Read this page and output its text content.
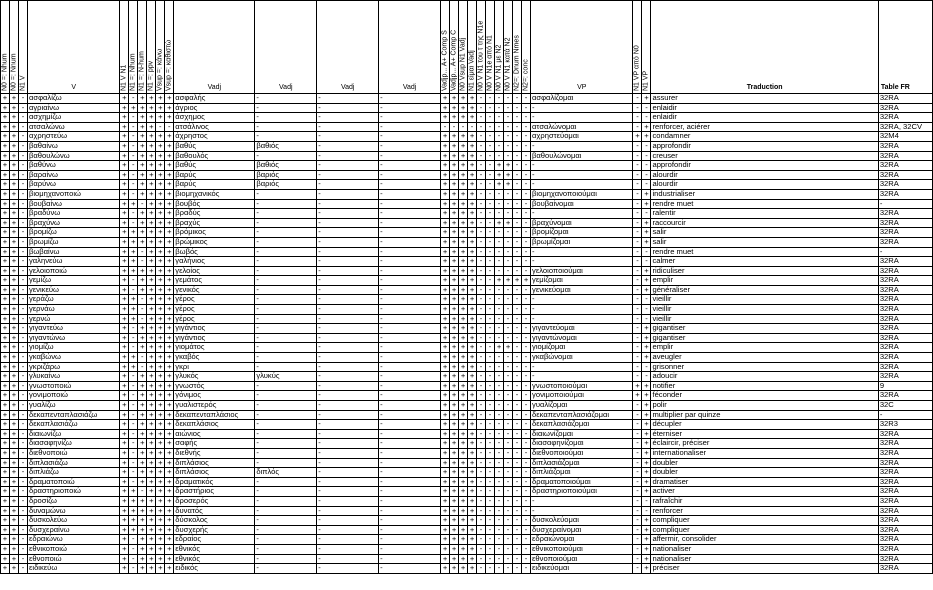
N0 =: Nhum	N0 =: Nnum	N1 V	V	N1 V N1	N1 =: Nhum	N1 =: N-hum	N1 =: ppv	Vsup =: κάνω	Vsup =: καθιστώ	Vadj	Vadj	Vadj	Vadj	Vadjp... A+ Comp S	Vadjp... A+ Comp C	N0 Vsup N1 Vadj	N1 είμαι Vadj	N0 V N1 του τ της N1e	N0 V N1e από N1	N0 V N1 με N2	N0 V N1 κατά N2	N2=: Dnum Nmes	N2=: conc	VP	N1 VP από N0	N1 VP	Traduction	Table FR
+	+	-	ασφαλίζω	+	-	+	+	+	+	ασφαλής	-	-	-	+	+	+	+	-	-	-	-	-	-	ασφαλίζομαι	-	+	assurer	32RA
+	+	-	αγριαίνω	+	+	+	+	+	+	άγριος	-	-	-	+	+	+	+	-	-	-	-	-	-	-	-	-	enlaidir	32RA
+	+	-	ασχημίζω	+	-	+	+	+	+	άσχημος	-	-	-	+	+	+	+	-	-	-	-	-	-	-	-	-	enlaidir	32RA
+	+	-	ατσαλώνω	+	-	+	+	-	-	ατσάλινος	-	-	-	-	-	-	-	-	-	-	-	-	-	ατσαλώνομαι	-	+	renforcer, aciérer	32RA, 32CV
+	+	-	αχρηστεύω	+	-	+	+	+	+	άχρηστος	-	-	-	+	+	+	+	-	-	-	-	-	-	αχρηστεύομαι	+	+	condamner	32M4
+	+	-	βαθαίνω	+	-	+	+	+	+	βαθύς	βαθιός	-	-	+	+	+	+	-	-	-	-	-	-	-	-	-	approfondir	32RA
+	+	-	βαθουλώνω	+	-	+	+	+	+	βαθουλός	-	-	-	+	+	+	+	-	-	-	-	-	-	βαθουλώνομαι	-	-	creuser	32RA
+	+	-	βαθύνω	+	-	+	+	+	+	βαθύς	βαθιός	-	-	+	+	+	+	-	-	+	+	-	-	-	-	-	approfondir	32RA
+	+	-	βαραίνω	+	-	+	+	+	+	βαρύς	βαριός	-	-	+	+	+	+	-	-	+	+	-	-	-	-	-	alourdir	32RA
+	+	-	βαρύνω	+	-	+	+	+	+	βαρύς	βαριός	-	-	+	+	+	+	-	-	+	+	-	-	-	-	-	alourdir	32RA
+	+	-	βιομηχανοποιώ	+	-	+	+	+	+	βιομηχανικός	-	-	-	+	+	+	+	-	-	-	-	-	-	βιομηχανοποιούμαι	-	+	industrialiser	32RA
+	+	-	βουβαίνω	+	+	-	+	+	+	βουβός	-	-	-	+	+	+	+	-	-	-	-	-	-	βουβαίνομαι	-	+	rendre muet	-
+	+	-	βραδύνω	+	-	+	+	+	+	βραδύς	-	-	-	+	+	+	+	-	-	-	-	-	-	-	-	-	ralentir	32RA
+	+	-	βραχύνω	+	-	+	+	+	+	βραχύς	-	-	-	+	+	+	+	-	-	+	+	-	-	βραχύνομαι	-	+	raccourcir	32RA
+	+	-	βρομίζω	+	+	+	+	+	+	βρόμικος	-	-	-	+	+	+	+	-	-	-	-	-	-	βρομίζομαι	-	+	salir	32RA
+	+	-	βρωμίζω	+	+	+	+	+	+	βρώμικος	-	-	-	+	+	+	+	-	-	-	-	-	-	βρωμίζομαι	-	+	salir	32RA
+	+	-	βωβαίνω	+	+	-	+	+	+	βωβός	-	-	-	+	+	+	+	-	-	-	-	-	-	-	-	-	rendre muet	-
+	+	-	γαληνεύω	+	+	-	+	+	+	γαλήνιος	-	-	-	+	+	+	+	-	-	-	-	-	-	-	-	-	calmer	32RA
+	+	-	γελοιοποιώ	+	+	+	+	+	+	γελοίος	-	-	-	+	+	+	+	-	-	-	-	-	-	γελοιοποιούμαι	-	+	ridiculiser	32RA
+	+	-	γεμίζω	+	-	+	+	+	+	γεμάτος	-	-	-	+	+	+	+	-	-	+	+	+	+	γεμίζομαι	-	+	emplir	32RA
+	+	-	γενικεύω	+	-	+	+	+	+	γενικός	-	-	-	+	+	+	+	-	-	-	-	-	-	γενικεύομαι	-	+	généraliser	32RA
+	+	-	γεράζω	+	+	-	+	+	+	γέρος	-	-	-	+	+	+	+	-	-	-	-	-	-	-	-	-	vieillir	32RA
+	+	-	γερνάω	+	+	-	+	+	+	γέρος	-	-	-	+	+	+	+	-	-	-	-	-	-	-	-	-	vieillir	32RA
+	+	-	γερνώ	+	+	-	+	+	+	γέρος	-	-	-	+	+	+	+	-	-	-	-	-	-	-	-	-	vieillir	32RA
+	+	-	γιγαντεύω	+	-	+	+	+	+	γιγάντιος	-	-	-	+	+	+	+	-	-	-	-	-	-	γιγαντεύομαι	-	+	gigantiser	32RA
+	+	-	γιγαντώνω	+	-	+	+	+	+	γιγάντιος	-	-	-	+	+	+	+	-	-	-	-	-	-	γιγαντώνομαι	-	+	gigantiser	32RA
+	+	-	γιομίζω	+	-	+	+	+	+	γιομάτος	-	-	-	+	+	+	+	-	-	+	+	-	-	γιομίζομαι	-	+	emplir	32RA
+	+	-	γκαβώνω	+	+	-	+	+	+	γκαβός	-	-	-	+	+	+	+	-	-	-	-	-	-	γκαβώνομαι	-	+	aveugler	32RA
+	+	-	γκριζάρω	+	+	-	+	+	+	γκρι	-	-	-	+	+	+	+	-	-	-	-	-	-	-	-	-	grisonner	32RA
+	+	-	γλυκαίνω	+	-	+	+	+	+	γλυκός	γλυκύς	-	-	+	+	+	+	-	-	-	-	-	-	-	-	-	adoucir	32RA
+	+	-	γνωστοποιώ	+	-	+	+	+	+	γνωστός	-	-	-	+	+	+	+	-	-	-	-	-	-	γνωστοποιούμαι	+	+	notifier	9
+	+	-	γονιμοποιώ	+	-	+	+	+	+	γόνιμος	-	-	-	+	+	+	+	-	-	-	-	-	-	γονιμοποιούμαι	+	+	féconder	32RA
+	+	-	γυαλίζω	+	-	+	+	+	+	γυαλιστερός	-	-	-	+	+	+	+	-	-	-	-	-	-	γυαλίζομαι	-	+	polir	32C
+	+	-	δεκαπενταπλασιάζω	+	-	+	+	+	+	δεκαπενταπλάσιος	-	-	-	+	+	+	+	-	-	-	-	-	-	δεκαπενταπλασιάζομαι	-	+	multiplier par quinze	-
+	+	-	δεκαπλασιάζω	+	-	+	+	+	+	δεκαπλάσιος	-	-	-	+	+	+	+	-	-	-	-	-	-	δεκαπλασιάζομαι	-	+	décupler	32R3
+	+	-	διαιωνίζω	+	-	+	+	+	+	αιώνιος	-	-	-	+	+	+	+	-	-	-	-	-	-	διαιωνίζομαι	-	+	éterniser	32RA
+	+	-	διασαφηνίζω	+	-	+	+	+	+	σαφής	-	-	-	+	+	+	+	-	-	-	-	-	-	διασαφηνίζομαι	-	+	éclaircir, préciser	32RA
+	+	-	διεθνοποιώ	+	-	+	+	+	+	διεθνής	-	-	-	+	+	+	+	-	-	-	-	-	-	διεθνοποιούμαι	-	+	internationaliser	32RA
+	+	-	διπλασιάζω	+	-	+	+	+	+	διπλάσιος	-	-	-	+	+	+	+	-	-	-	-	-	-	διπλασιάζομαι	-	+	doubler	32RA
+	+	-	διπλιάζω	+	-	+	+	+	+	διπλάσιος	διπλός	-	-	+	+	+	+	-	-	-	-	-	-	διπλιάζομαι	-	+	doubler	32RA
+	+	-	δραματοποιώ	+	-	+	+	+	+	δραματικός	-	-	-	+	+	+	+	-	-	-	-	-	-	δραματοποιούμαι	-	+	dramatiser	32RA
+	+	-	δραστηριοποιώ	+	+	-	+	+	+	δραστήριος	-	-	-	+	+	+	+	-	-	-	-	-	-	δραστηριοποιούμαι	-	+	activer	32RA
+	+	-	δροσίζω	+	+	+	+	+	+	δροσερός	-	-	-	+	+	+	+	-	-	-	-	-	-	-	-	-	rafraîchir	32RA
+	+	-	δυναμώνω	+	+	+	+	+	+	δυνατός	-	-	-	+	+	+	+	-	-	-	-	-	-	-	-	-	renforcer	32RA
+	+	-	δυσκολεύω	+	+	+	+	+	+	δύσκολος	-	-	-	+	+	+	+	-	-	-	-	-	-	δυσκολεύομαι	-	+	compliquer	32RA
+	+	-	δυσχεραίνω	+	+	+	+	+	+	δυσχερής	-	-	-	+	+	+	+	-	-	-	-	-	-	δυσχεραίνομαι	-	+	compliquer	32RA
+	+	-	εδραιώνω	+	-	+	+	+	+	εδραίος	-	-	-	+	+	+	+	-	-	-	-	-	-	εδραιώνομαι	-	+	affermir, consolider	32RA
+	+	-	εθνικοποιώ	+	-	+	+	+	+	εθνικός	-	-	-	+	+	+	+	-	-	-	-	-	-	εθνικοποιούμαι	-	+	nationaliser	32RA
+	+	-	εθνοποιώ	+	-	+	+	+	+	εθνικός	-	-	-	+	+	+	+	-	-	-	-	-	-	εθνοποιούμαι	-	+	nationaliser	32RA
+	+	-	ειδικεύω	+	-	+	+	+	+	ειδικός	-	-	-	+	+	+	+	-	-	-	-	-	-	ειδικεύομαι	-	+	préciser	32RA
